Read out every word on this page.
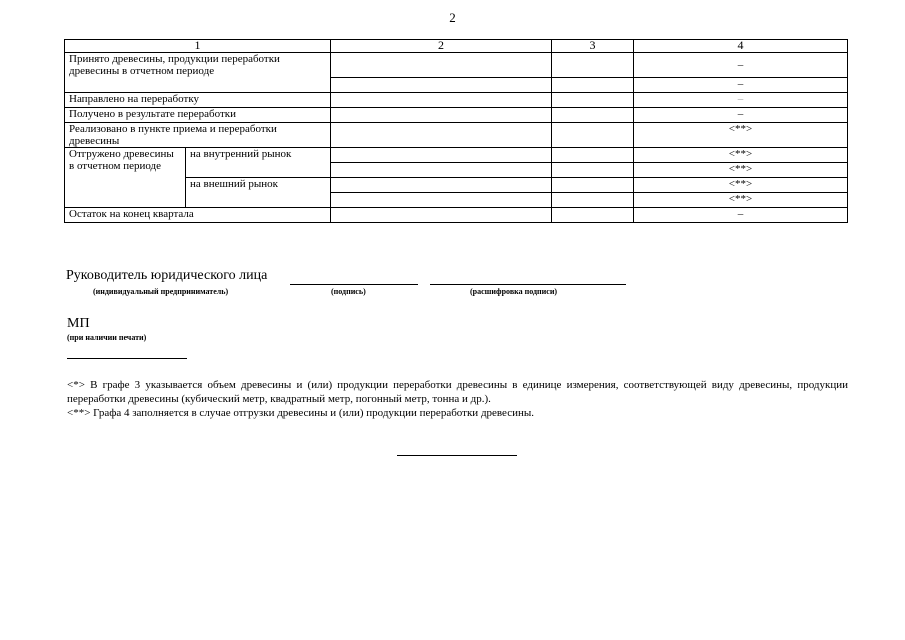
2
1		2	3	4
Принято древесины, продукции переработки древесины в отчетном периоде				–
				–
Направлено на переработку				–
Получено в результате переработки				–
Реализовано в пункте приема и переработки древесины				<**>
Отгружено древесины в отчетном периоде	на внутренний рынок			<**>
				<**>
	на внешний рынок			<**>
				<**>
Остаток на конец квартала				–
Руководитель юридического лица
(индивидуальный предприниматель)	(подпись)	(расшифровка подписи)
МП
(при наличии печати)

<*> В графе 3 указывается объем древесины и (или) продукции переработки древесины в единице измерения, соответствующей виду древесины, продукции переработки древесины (кубический метр, квадратный метр, погонный метр, тонна и др.).

<**> Графа 4 заполняется в случае отгрузки древесины и (или) продукции переработки древесины.
